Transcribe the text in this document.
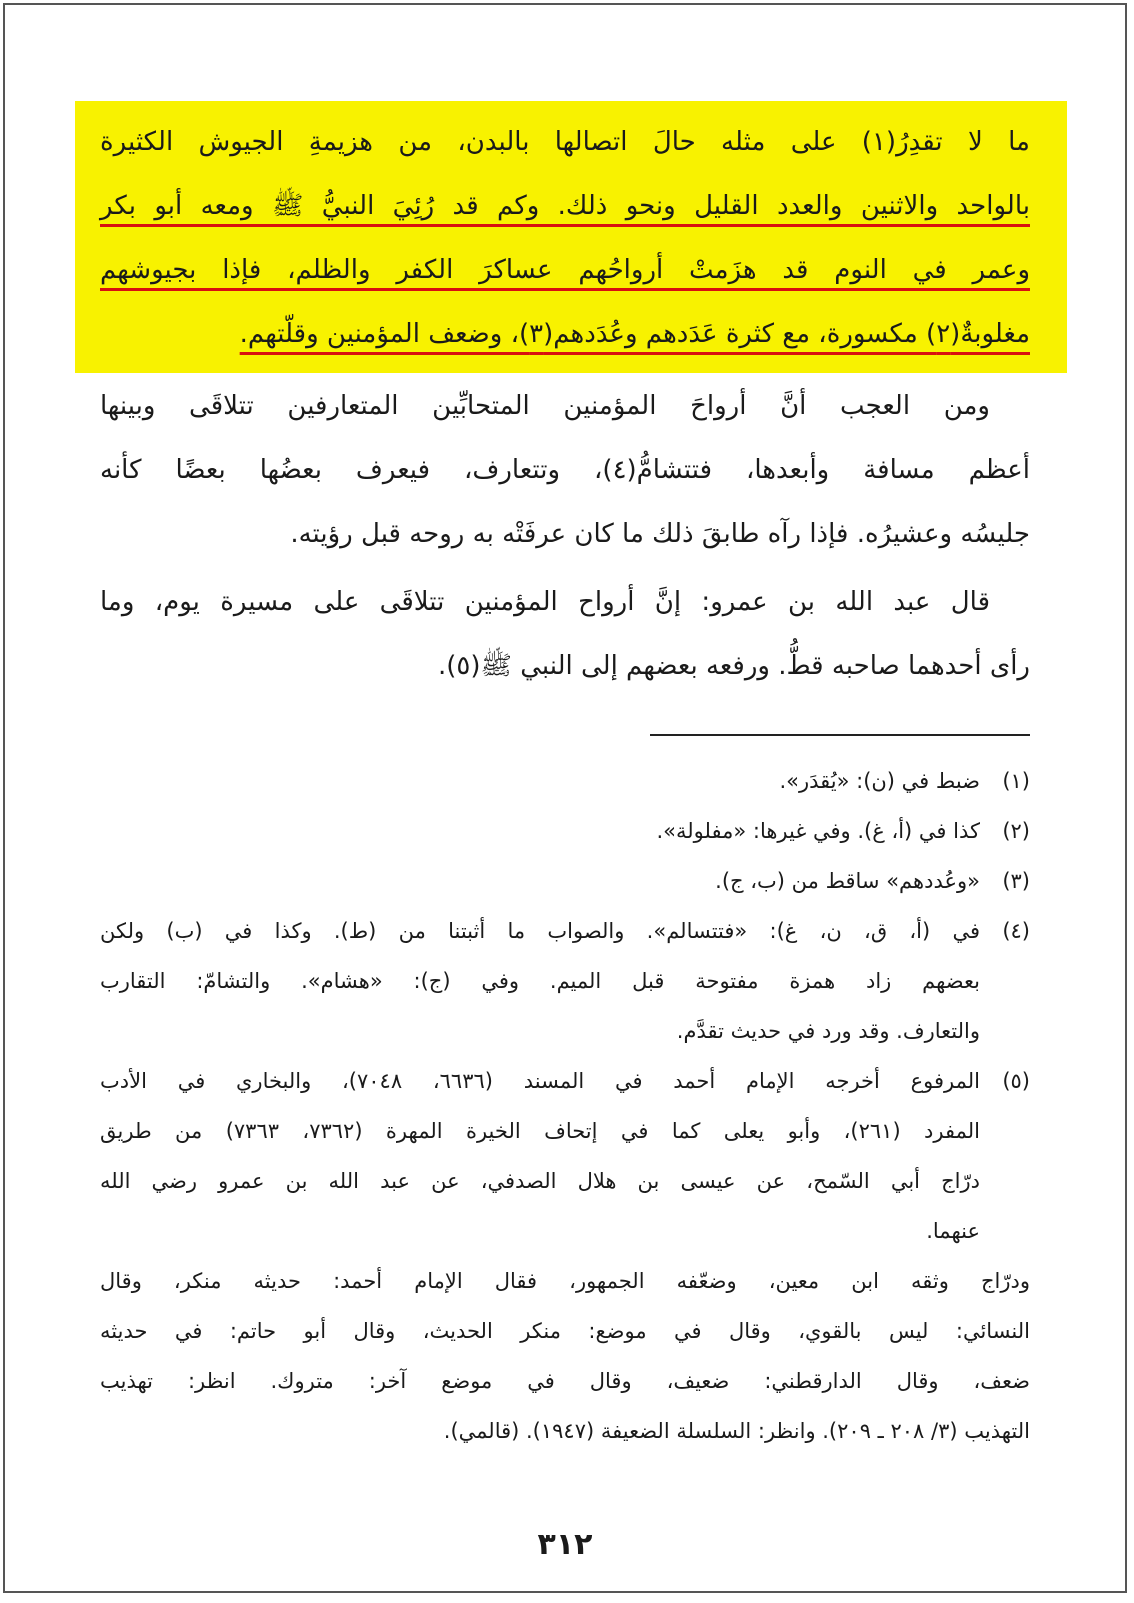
ما لا تقدِرُ(١) على مثله حالَ اتصالها بالبدن، من هزيمةِ الجيوش الكثيرة
بالواحد والاثنين والعدد القليل ونحو ذلك. وكم قد رُئِيَ النبيُّ ﷺ ومعه أبو بكر
وعمر في النوم قد هزَمتْ أرواحُهم عساكرَ الكفر والظلم، فإذا بجيوشهم
مغلوبةٌ(٢) مكسورة، مع كثرة عَدَدهم وعُدَدهم(٣)، وضعف المؤمنين وقلّتهم.
ومن العجب أنَّ أرواحَ المؤمنين المتحابِّين المتعارفين تتلاقَى وبينها
أعظم مسافة وأبعدها، فتتشامُّ(٤)، وتتعارف، فيعرف بعضُها بعضًا كأنه
جليسُه وعشيرُه. فإذا رآه طابقَ ذلك ما كان عرفَتْه به روحه قبل رؤيته.
قال عبد الله بن عمرو: إنَّ أرواح المؤمنين تتلاقَى على مسيرة يوم، وما
رأى أحدهما صاحبه قطُّ. ورفعه بعضهم إلى النبي ﷺ(٥).
(١)
ضبط في (ن): «يُقدَر».
(٢)
كذا في (أ، غ). وفي غيرها: «مفلولة».
(٣)
«وعُددهم» ساقط من (ب، ج).
(٤)
في (أ، ق، ن، غ): «فتتسالم». والصواب ما أثبتنا من (ط). وكذا في (ب) ولكن
بعضهم زاد همزة مفتوحة قبل الميم. وفي (ج): «هشام». والتشامّ: التقارب
والتعارف. وقد ورد في حديث تقدَّم.
(٥)
المرفوع أخرجه الإمام أحمد في المسند (٦٦٣٦، ٧٠٤٨)، والبخاري في الأدب
المفرد (٢٦١)، وأبو يعلى كما في إتحاف الخيرة المهرة (٧٣٦٢، ٧٣٦٣) من طريق
درّاج أبي السّمح، عن عيسى بن هلال الصدفي، عن عبد الله بن عمرو رضي الله
عنهما.
ودرّاج وثقه ابن معين، وضعّفه الجمهور، فقال الإمام أحمد: حديثه منكر، وقال
النسائي: ليس بالقوي، وقال في موضع: منكر الحديث، وقال أبو حاتم: في حديثه
ضعف، وقال الدارقطني: ضعيف، وقال في موضع آخر: متروك. انظر: تهذيب
التهذيب (٣/ ٢٠٨ ـ ٢٠٩). وانظر: السلسلة الضعيفة (١٩٤٧). (قالمي).
٣١٢
